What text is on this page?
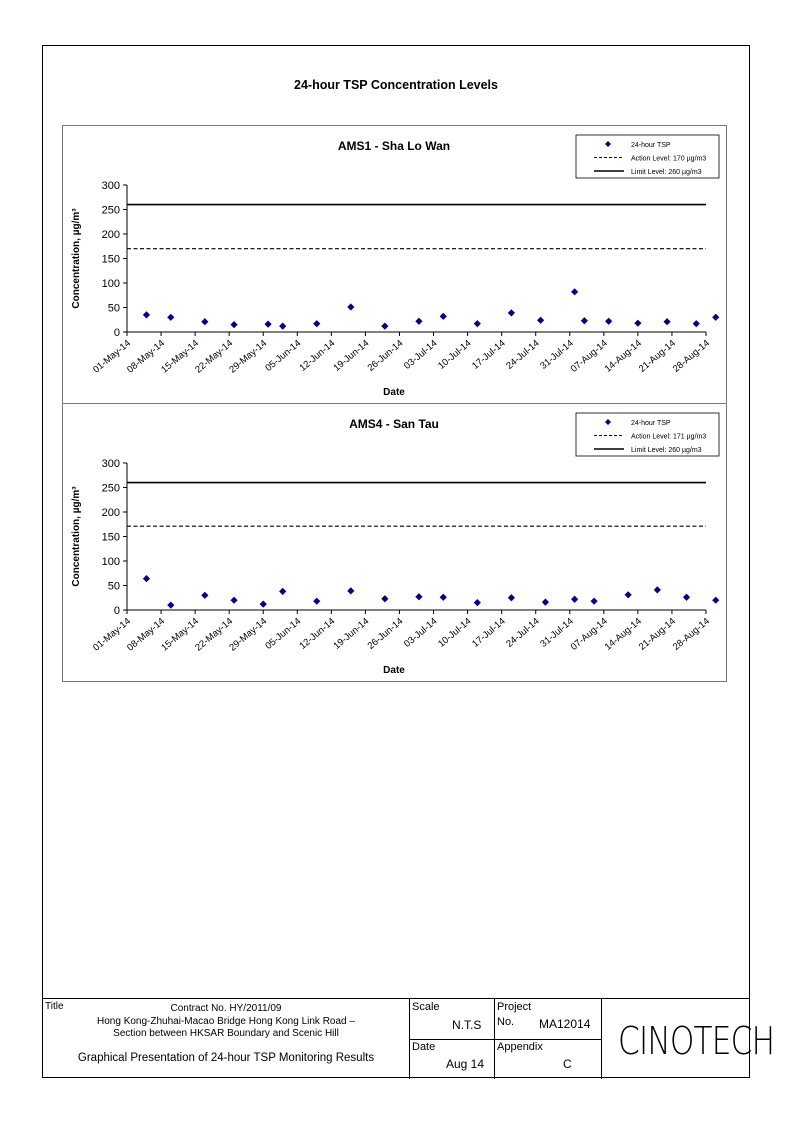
24-hour TSP Concentration Levels
AMS1 - Sha Lo Wan
0
50
100
150
200
250
300
01-May-14
08-May-14
15-May-14
22-May-14
29-May-14
05-Jun-14
12-Jun-14
19-Jun-14
26-Jun-14
03-Jul-14
10-Jul-14
17-Jul-14
24-Jul-14
31-Jul-14
07-Aug-14
14-Aug-14
21-Aug-14
28-Aug-14
Date
Concentration, µg/m³
24-hour TSP
Action Level: 170 µg/m3
Limit Level: 260 µg/m3
AMS4 - San Tau
0
50
100
150
200
250
300
01-May-14
08-May-14
15-May-14
22-May-14
29-May-14
05-Jun-14
12-Jun-14
19-Jun-14
26-Jun-14
03-Jul-14
10-Jul-14
17-Jul-14
24-Jul-14
31-Jul-14
07-Aug-14
14-Aug-14
21-Aug-14
28-Aug-14
Date
Concentration, µg/m³
24-hour TSP
Action Level: 171 µg/m3
Limit Level: 260 µg/m3
Title	Contract No. HY/2011/09
Hong Kong-Zhuhai-Macao Bridge Hong Kong Link Road –
Section between HKSAR Boundary and Scenic Hill
Graphical Presentation of 24-hour TSP Monitoring Results
Scale
N.T.S
Project
No. MA12014
Date
Aug 14
Appendix
C
CINOTECH
